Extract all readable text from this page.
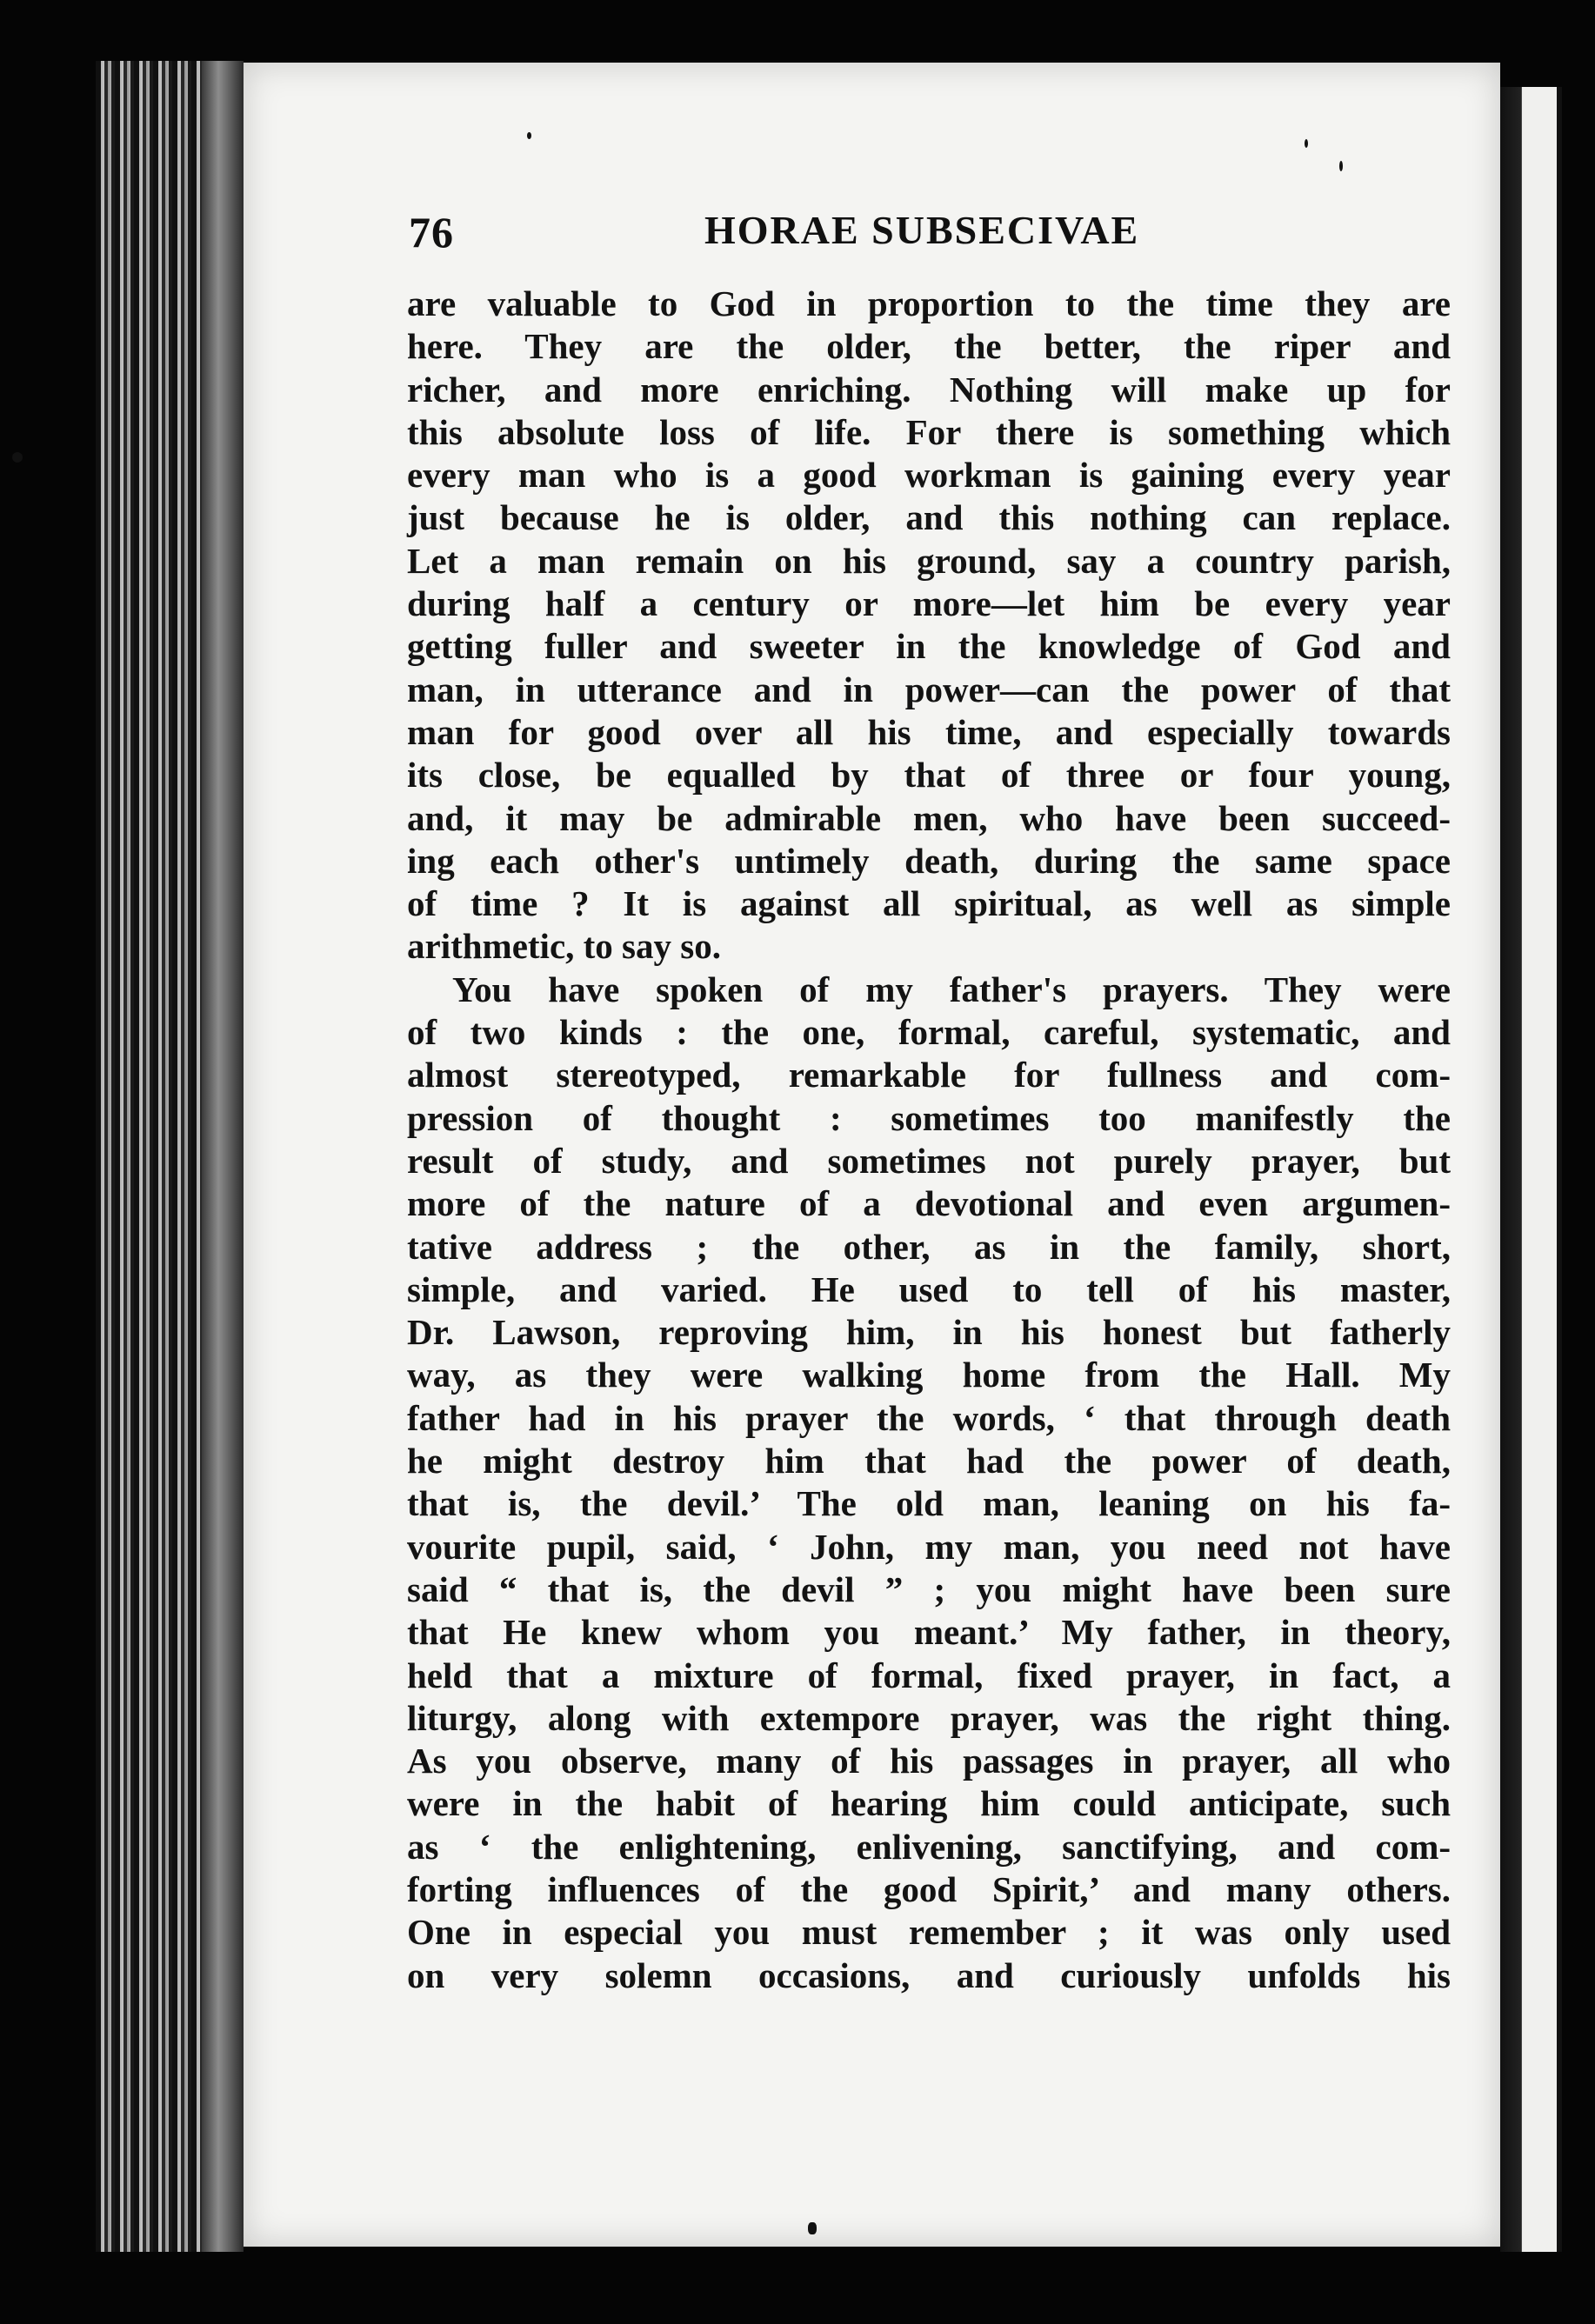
76	HORAE SUBSECIVAE
are valuable to God in proportion to the time they are
here. They are the older, the better, the riper and
richer, and more enriching. Nothing will make up for
this absolute loss of life. For there is something which
every man who is a good workman is gaining every year
just because he is older, and this nothing can replace.
Let a man remain on his ground, say a country parish,
during half a century or more—let him be every year
getting fuller and sweeter in the knowledge of God and
man, in utterance and in power—can the power of that
man for good over all his time, and especially towards
its close, be equalled by that of three or four young,
and, it may be admirable men, who have been succeed-
ing each other's untimely death, during the same space
of time ? It is against all spiritual, as well as simple
arithmetic, to say so.
You have spoken of my father's prayers. They were
of two kinds : the one, formal, careful, systematic, and
almost stereotyped, remarkable for fullness and com-
pression of thought : sometimes too manifestly the
result of study, and sometimes not purely prayer, but
more of the nature of a devotional and even argumen-
tative address ; the other, as in the family, short,
simple, and varied. He used to tell of his master,
Dr. Lawson, reproving him, in his honest but fatherly
way, as they were walking home from the Hall. My
father had in his prayer the words, ‘ that through death
he might destroy him that had the power of death,
that is, the devil.’ The old man, leaning on his fa-
vourite pupil, said, ‘ John, my man, you need not have
said “ that is, the devil ” ; you might have been sure
that He knew whom you meant.’ My father, in theory,
held that a mixture of formal, fixed prayer, in fact, a
liturgy, along with extempore prayer, was the right thing.
As you observe, many of his passages in prayer, all who
were in the habit of hearing him could anticipate, such
as ‘ the enlightening, enlivening, sanctifying, and com-
forting influences of the good Spirit,’ and many others.
One in especial you must remember ; it was only used
on very solemn occasions, and curiously unfolds his
